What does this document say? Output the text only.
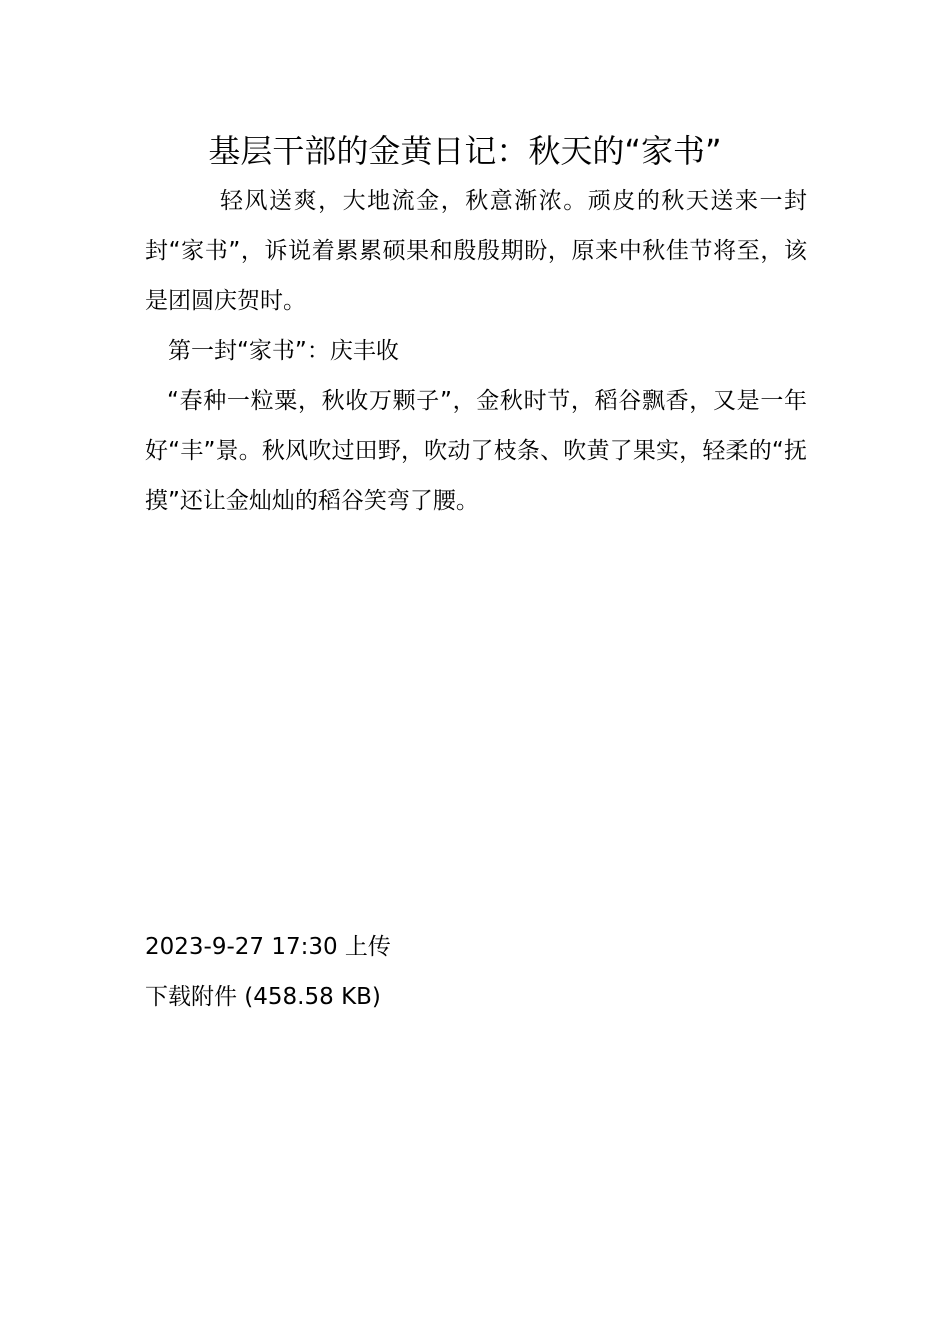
基层干部的金黄日记：秋天的“家书”

轻风送爽，大地流金，秋意渐浓。顽皮的秋天送来一封封“家书”，诉说着累累硕果和殷殷期盼，原来中秋佳节将至，该是团圆庆贺时。

第一封“家书”：庆丰收

“春种一粒粟，秋收万颗子”，金秋时节，稻谷飘香，又是一年好“丰”景。秋风吹过田野，吹动了枝条、吹黄了果实，轻柔的“抚摸”还让金灿灿的稻谷笑弯了腰。

2023-9-27 17:30 上传
下载附件 (458.58 KB)
